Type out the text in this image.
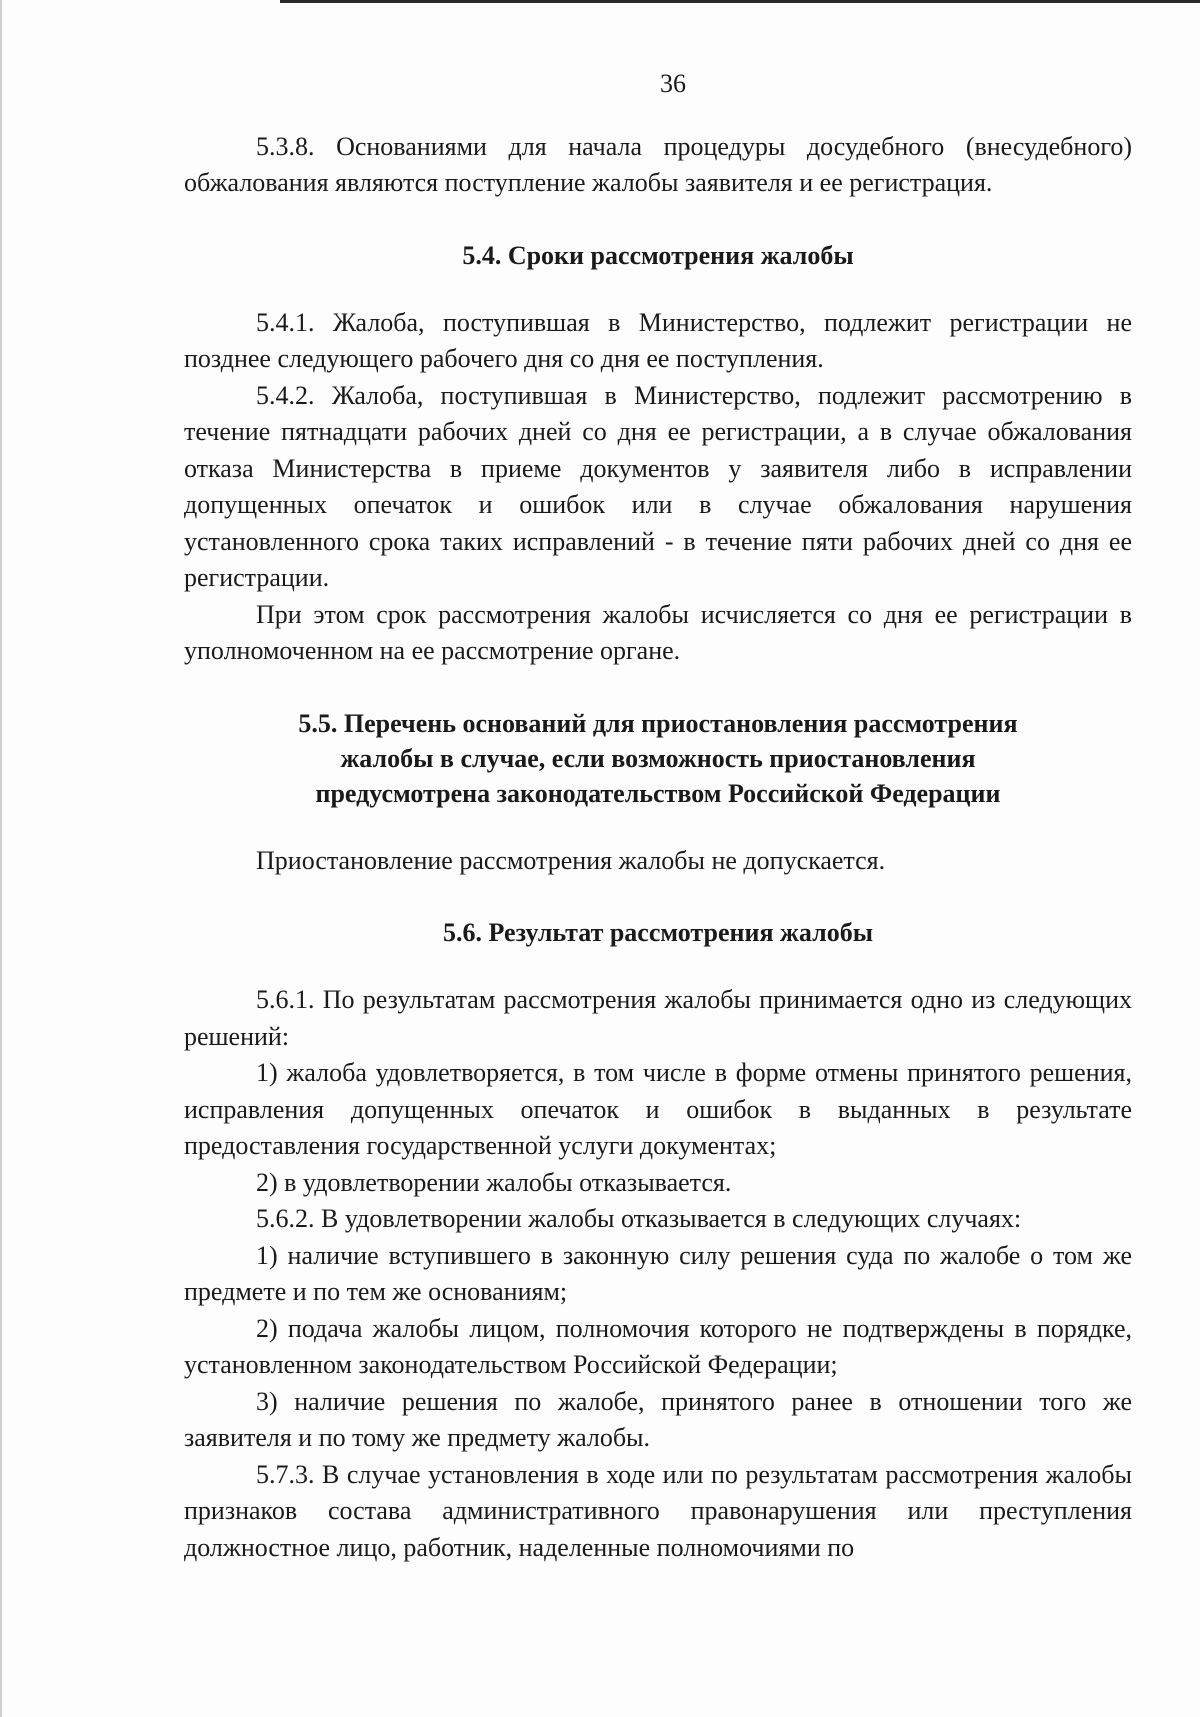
36

5.3.8. Основаниями для начала процедуры досудебного (внесудебного) обжалования являются поступление жалобы заявителя и ее регистрация.

5.4. Сроки рассмотрения жалобы

5.4.1. Жалоба, поступившая в Министерство, подлежит регистрации не позднее следующего рабочего дня со дня ее поступления.

5.4.2. Жалоба, поступившая в Министерство, подлежит рассмотрению в течение пятнадцати рабочих дней со дня ее регистрации, а в случае обжалования отказа Министерства в приеме документов у заявителя либо в исправлении допущенных опечаток и ошибок или в случае обжалования нарушения установленного срока таких исправлений - в течение пяти рабочих дней со дня ее регистрации.

При этом срок рассмотрения жалобы исчисляется со дня ее регистрации в уполномоченном на ее рассмотрение органе.

5.5. Перечень оснований для приостановления рассмотрения
жалобы в случае, если возможность приостановления
предусмотрена законодательством Российской Федерации

Приостановление рассмотрения жалобы не допускается.

5.6. Результат рассмотрения жалобы

5.6.1. По результатам рассмотрения жалобы принимается одно из следующих решений:

1) жалоба удовлетворяется, в том числе в форме отмены принятого решения, исправления допущенных опечаток и ошибок в выданных в результате предоставления государственной услуги документах;

2) в удовлетворении жалобы отказывается.

5.6.2. В удовлетворении жалобы отказывается в следующих случаях:

1) наличие вступившего в законную силу решения суда по жалобе о том же предмете и по тем же основаниям;

2) подача жалобы лицом, полномочия которого не подтверждены в порядке, установленном законодательством Российской Федерации;

3) наличие решения по жалобе, принятого ранее в отношении того же заявителя и по тому же предмету жалобы.

5.7.3. В случае установления в ходе или по результатам рассмотрения жалобы признаков состава административного правонарушения или преступления должностное лицо, работник, наделенные полномочиями по
